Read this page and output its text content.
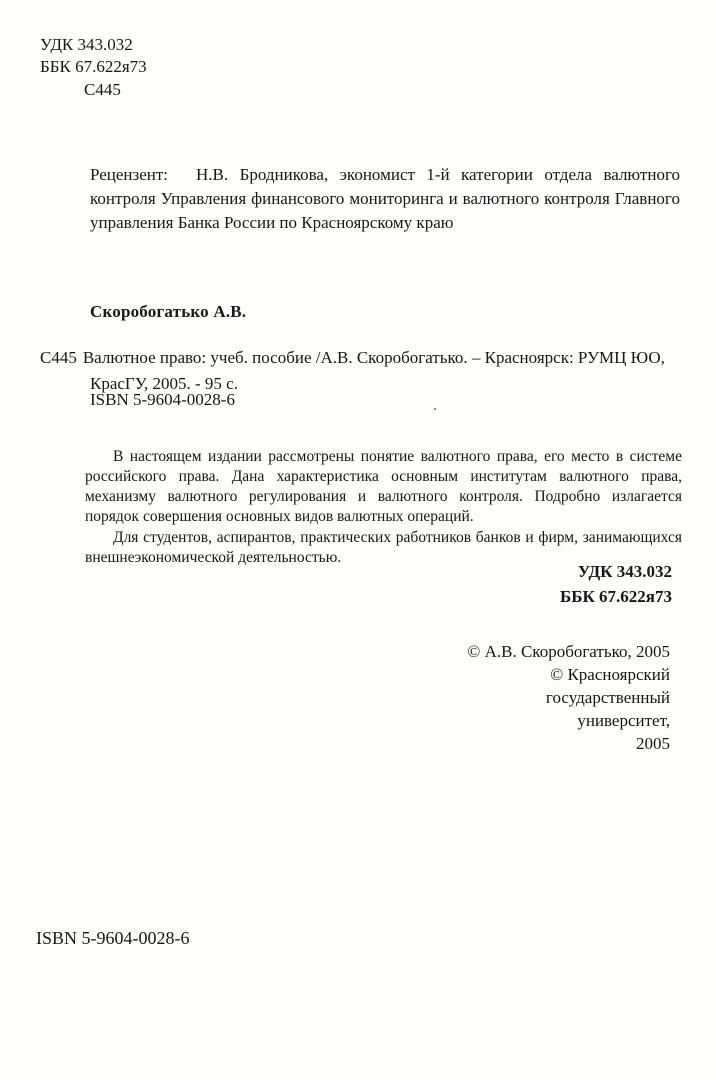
УДК 343.032
ББК 67.622я73
С445

Рецензент: Н.В. Бродникова, экономист 1-й категории отдела валютного контроля Управления финансового мониторинга и валютного контроля Главного управления Банка России по Красноярскому краю

Скоробогатько А.В.

С445 Валютное право: учеб. пособие /А.В. Скоробогатько. – Красноярск: РУМЦ ЮО, КрасГУ, 2005. - 95 с.

ISBN 5-9604-0028-6

В настоящем издании рассмотрены понятие валютного права, его место в системе российского права. Дана характеристика основным институтам валютного права, механизму валютного регулирования и валютного контроля. Подробно излагается порядок совершения основных видов валютных операций.

Для студентов, аспирантов, практических работников банков и фирм, занимающихся внешнеэкономической деятельностью.

УДК 343.032
ББК 67.622я73
© А.В. Скоробогатько, 2005
© Красноярский
государственный
университет,
2005
ISBN 5-9604-0028-6
